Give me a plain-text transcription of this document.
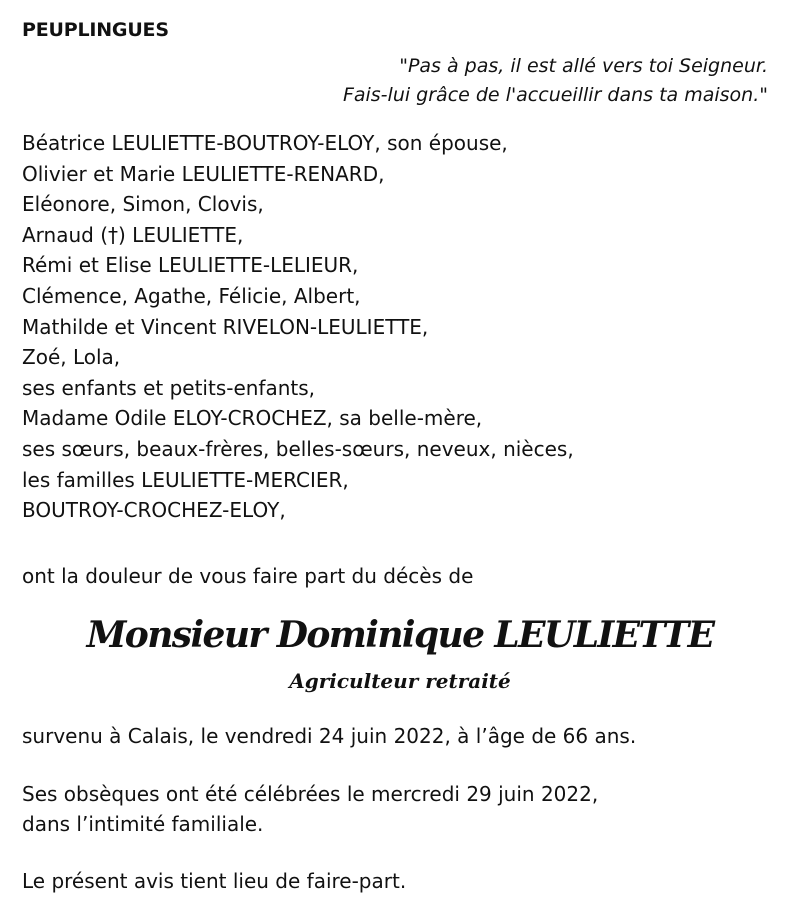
PEUPLINGUES
"Pas à pas, il est allé vers toi Seigneur.
Fais-lui grâce de l'accueillir dans ta maison."
Béatrice LEULIETTE-BOUTROY-ELOY, son épouse,
Olivier et Marie LEULIETTE-RENARD,
Eléonore, Simon, Clovis,
Arnaud (†) LEULIETTE,
Rémi et Elise LEULIETTE-LELIEUR,
Clémence, Agathe, Félicie, Albert,
Mathilde et Vincent RIVELON-LEULIETTE,
Zoé, Lola,
ses enfants et petits-enfants,
Madame Odile ELOY-CROCHEZ, sa belle-mère,
ses sœurs, beaux-frères, belles-sœurs, neveux, nièces,
les familles LEULIETTE-MERCIER,
BOUTROY-CROCHEZ-ELOY,
ont la douleur de vous faire part du décès de
Monsieur Dominique LEULIETTE
Agriculteur retraité
survenu à Calais, le vendredi 24 juin 2022, à l’âge de 66 ans.
Ses obsèques ont été célébrées le mercredi 29 juin 2022,
dans l’intimité familiale.
Le présent avis tient lieu de faire-part.
